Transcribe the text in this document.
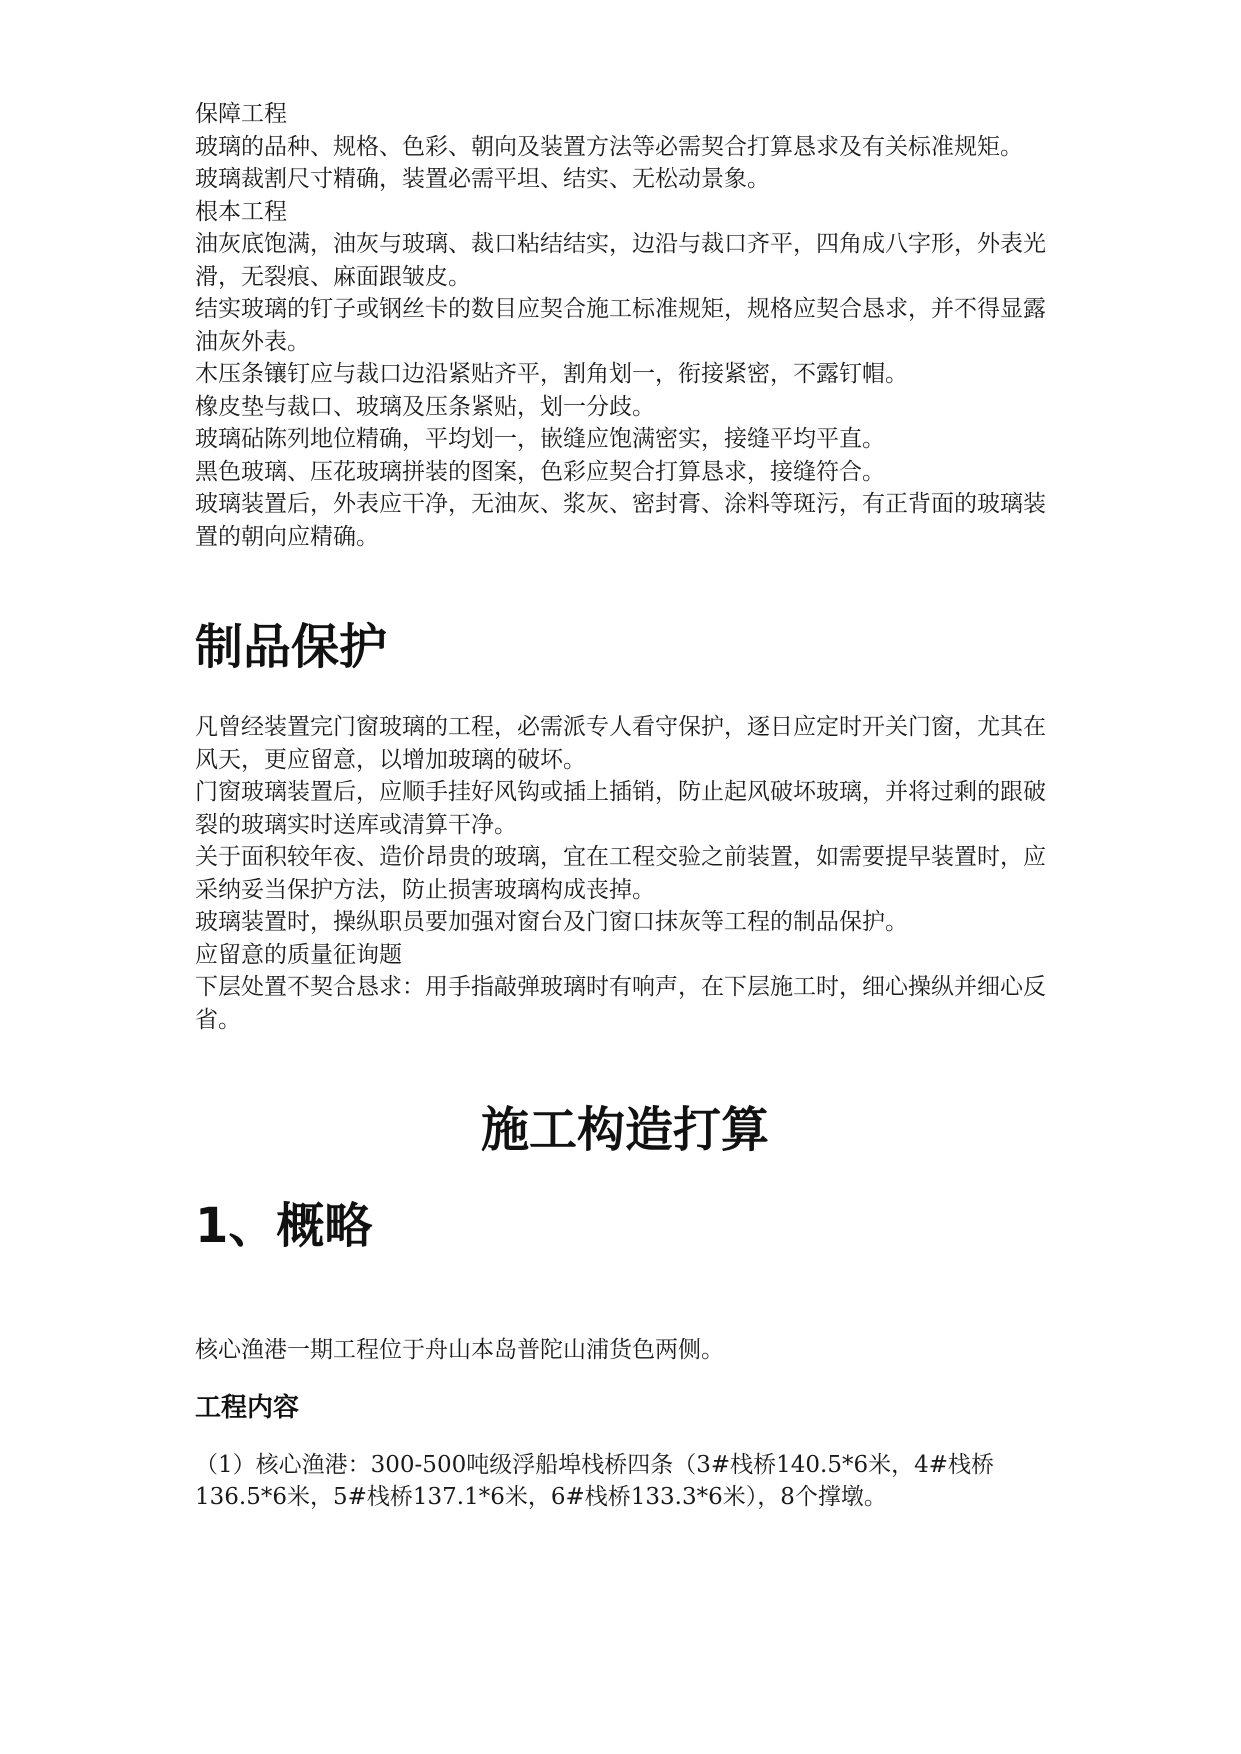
保障工程

玻璃的品种、规格、色彩、朝向及装置方法等必需契合打算恳求及有关标准规矩。

玻璃裁割尺寸精确，装置必需平坦、结实、无松动景象。

根本工程

油灰底饱满，油灰与玻璃、裁口粘结结实，边沿与裁口齐平，四角成八字形，外表光滑，无裂痕、麻面跟皱皮。

结实玻璃的钉子或钢丝卡的数目应契合施工标准规矩，规格应契合恳求，并不得显露油灰外表。

木压条镶钉应与裁口边沿紧贴齐平，割角划一，衔接紧密，不露钉帽。

橡皮垫与裁口、玻璃及压条紧贴，划一分歧。

玻璃砧陈列地位精确，平均划一，嵌缝应饱满密实，接缝平均平直。

黑色玻璃、压花玻璃拼装的图案，色彩应契合打算恳求，接缝符合。

玻璃装置后，外表应干净，无油灰、浆灰、密封膏、涂料等斑污，有正背面的玻璃装置的朝向应精确。

制品保护

凡曾经装置完门窗玻璃的工程，必需派专人看守保护，逐日应定时开关门窗，尤其在风天，更应留意，以增加玻璃的破坏。

门窗玻璃装置后，应顺手挂好风钩或插上插销，防止起风破坏玻璃，并将过剩的跟破裂的玻璃实时送库或清算干净。

关于面积较年夜、造价昂贵的玻璃，宜在工程交验之前装置，如需要提早装置时，应采纳妥当保护方法，防止损害玻璃构成丧掉。

玻璃装置时，操纵职员要加强对窗台及门窗口抹灰等工程的制品保护。

应留意的质量征询题

下层处置不契合恳求：用手指敲弹玻璃时有响声，在下层施工时，细心操纵并细心反省。

施工构造打算
1、概略

核心渔港一期工程位于舟山本岛普陀山浦货色两侧。

工程内容

（1）核心渔港：300-500吨级浮船埠栈桥四条（3#栈桥140.5*6米，4#栈桥136.5*6米，5#栈桥137.1*6米，6#栈桥133.3*6米），8个撑墩。
